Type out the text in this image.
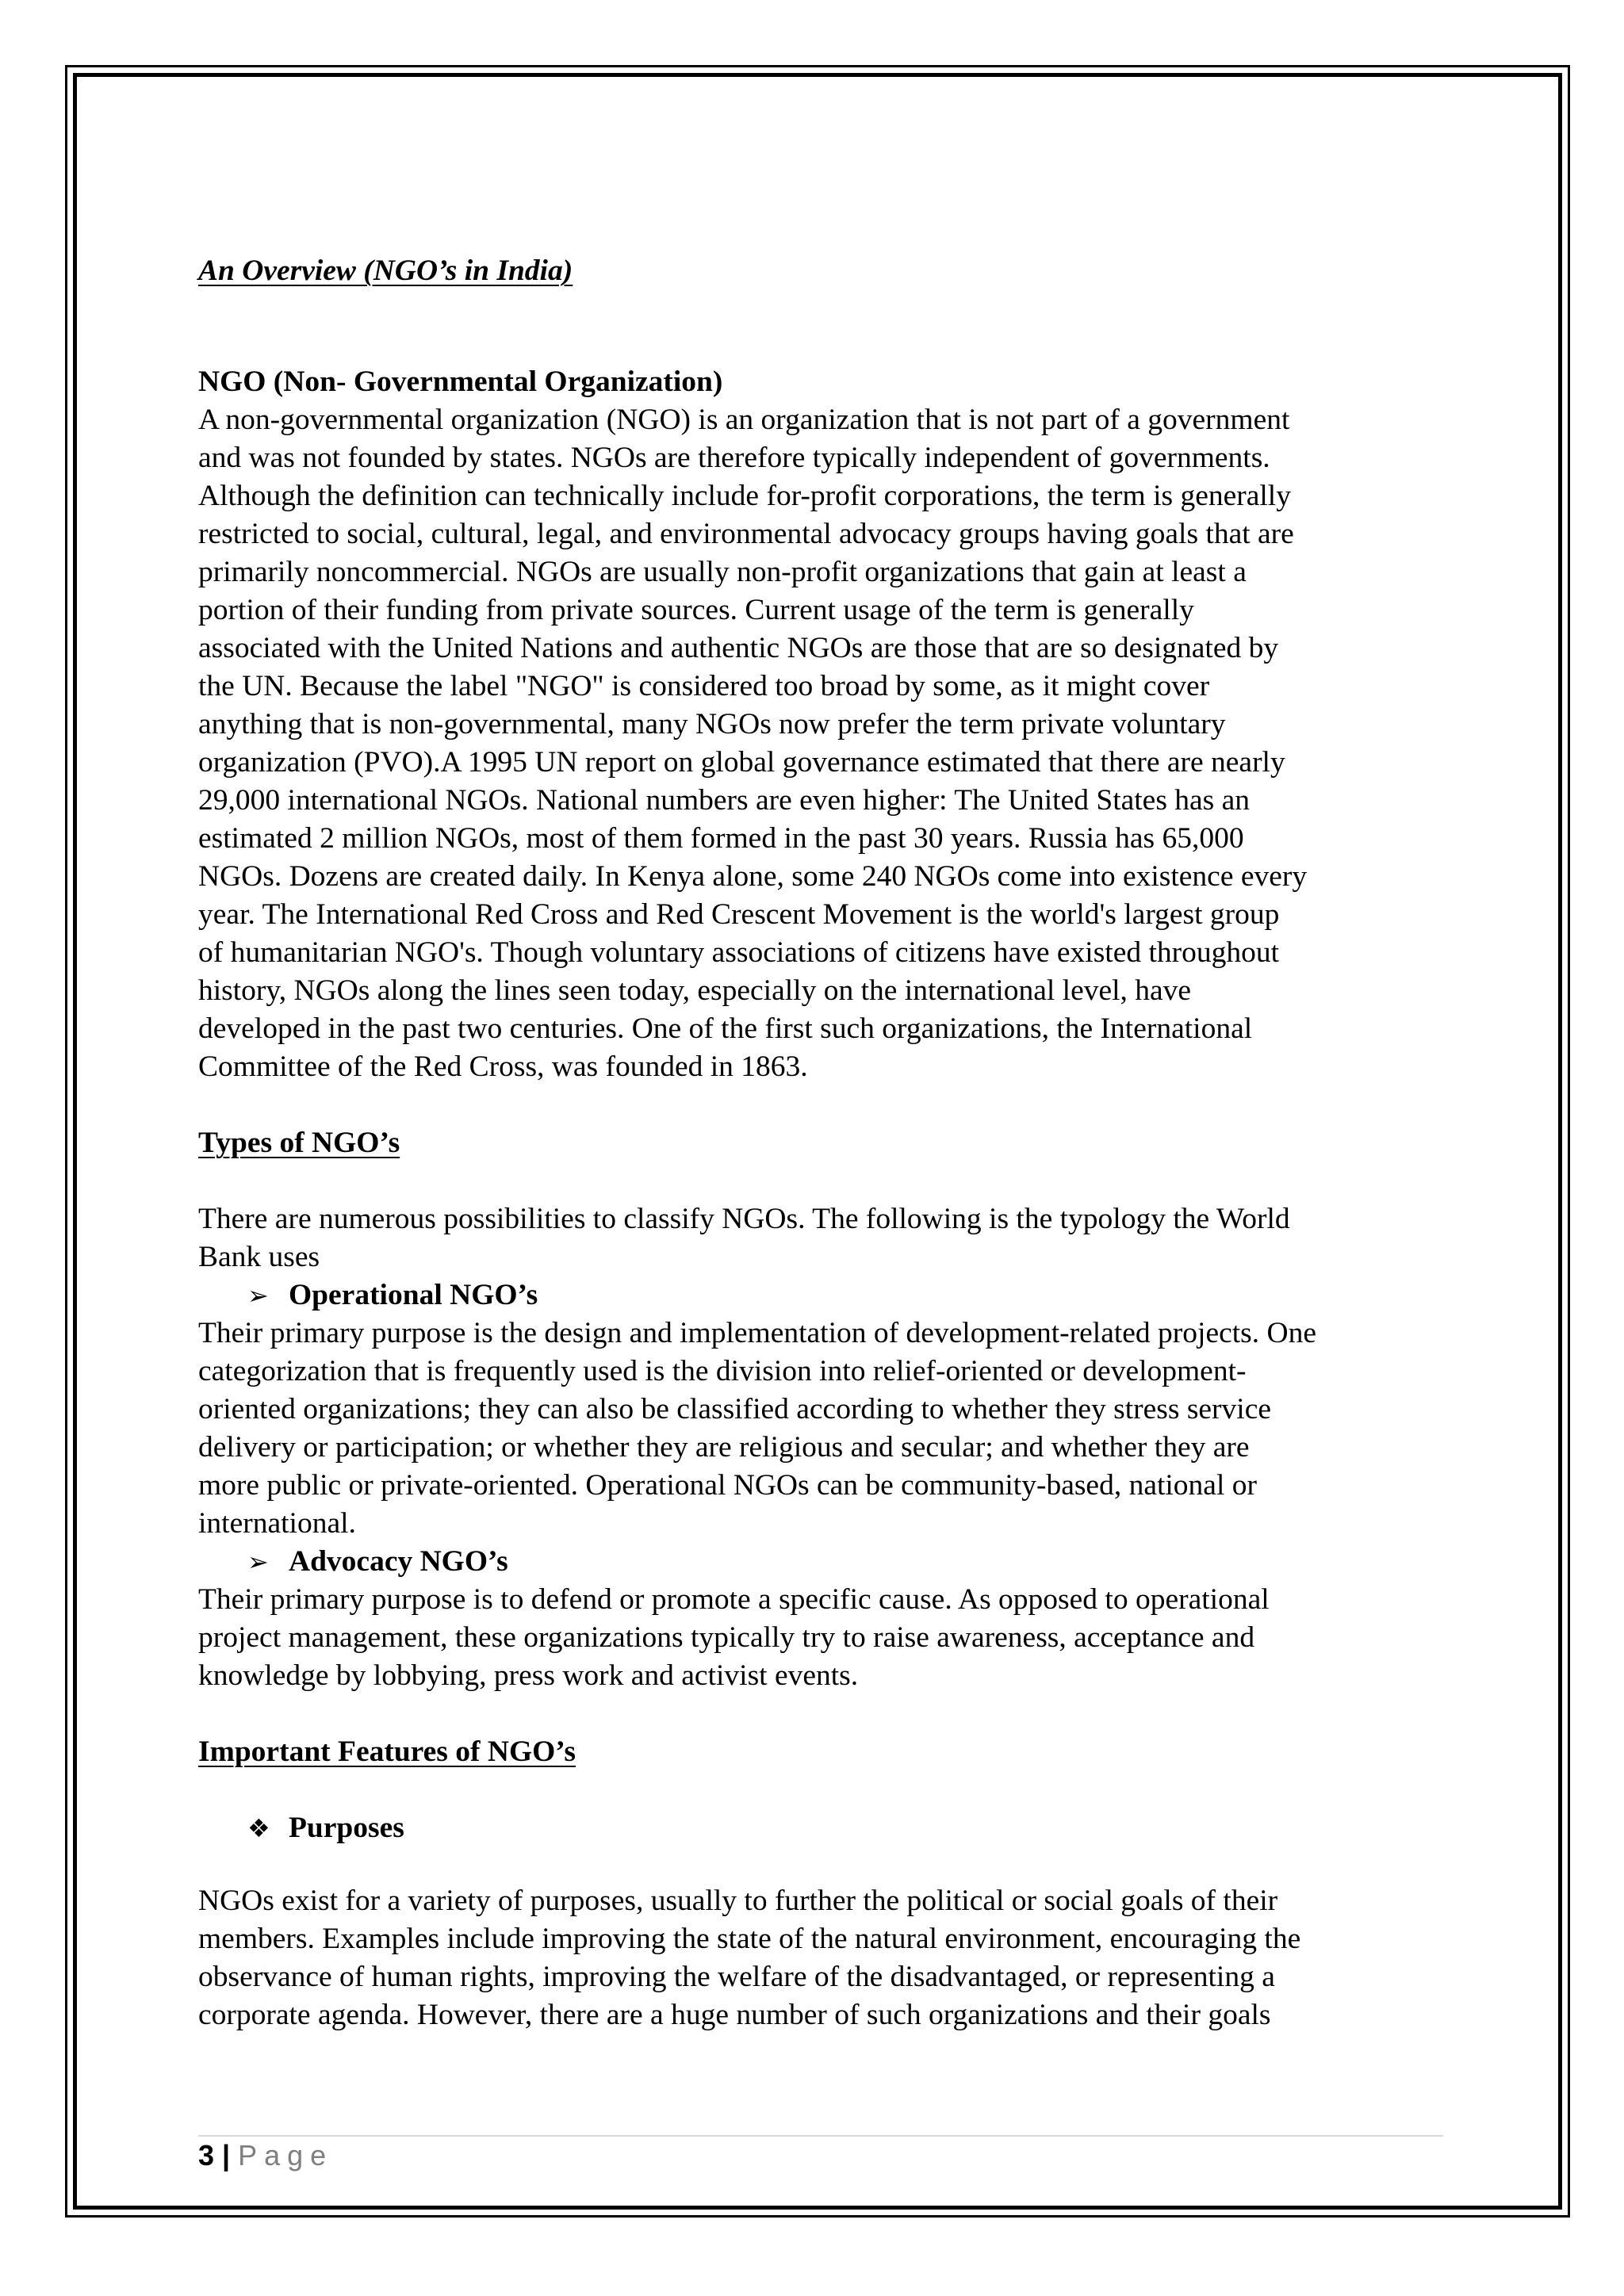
An Overview (NGO’s in India)

NGO (Non- Governmental Organization)

A non-governmental organization (NGO) is an organization that is not part of a government
and was not founded by states. NGOs are therefore typically independent of governments.
Although the definition can technically include for-profit corporations, the term is generally
restricted to social, cultural, legal, and environmental advocacy groups having goals that are
primarily noncommercial. NGOs are usually non-profit organizations that gain at least a
portion of their funding from private sources. Current usage of the term is generally
associated with the United Nations and authentic NGOs are those that are so designated by
the UN. Because the label "NGO" is considered too broad by some, as it might cover
anything that is non-governmental, many NGOs now prefer the term private voluntary
organization (PVO).A 1995 UN report on global governance estimated that there are nearly
29,000 international NGOs. National numbers are even higher: The United States has an
estimated 2 million NGOs, most of them formed in the past 30 years. Russia has 65,000
NGOs. Dozens are created daily. In Kenya alone, some 240 NGOs come into existence every
year. The International Red Cross and Red Crescent Movement is the world's largest group
of humanitarian NGO's. Though voluntary associations of citizens have existed throughout
history, NGOs along the lines seen today, especially on the international level, have
developed in the past two centuries. One of the first such organizations, the International
Committee of the Red Cross, was founded in 1863.

Types of NGO’s

There are numerous possibilities to classify NGOs. The following is the typology the World
Bank uses
➢ Operational NGO’s
Their primary purpose is the design and implementation of development-related projects. One
categorization that is frequently used is the division into relief-oriented or development-
oriented organizations; they can also be classified according to whether they stress service
delivery or participation; or whether they are religious and secular; and whether they are
more public or private-oriented. Operational NGOs can be community-based, national or
international.
➢ Advocacy NGO’s
Their primary purpose is to defend or promote a specific cause. As opposed to operational
project management, these organizations typically try to raise awareness, acceptance and
knowledge by lobbying, press work and activist events.

Important Features of NGO’s

❖ Purposes
NGOs exist for a variety of purposes, usually to further the political or social goals of their
members. Examples include improving the state of the natural environment, encouraging the
observance of human rights, improving the welfare of the disadvantaged, or representing a
corporate agenda. However, there are a huge number of such organizations and their goals
3 | Page
